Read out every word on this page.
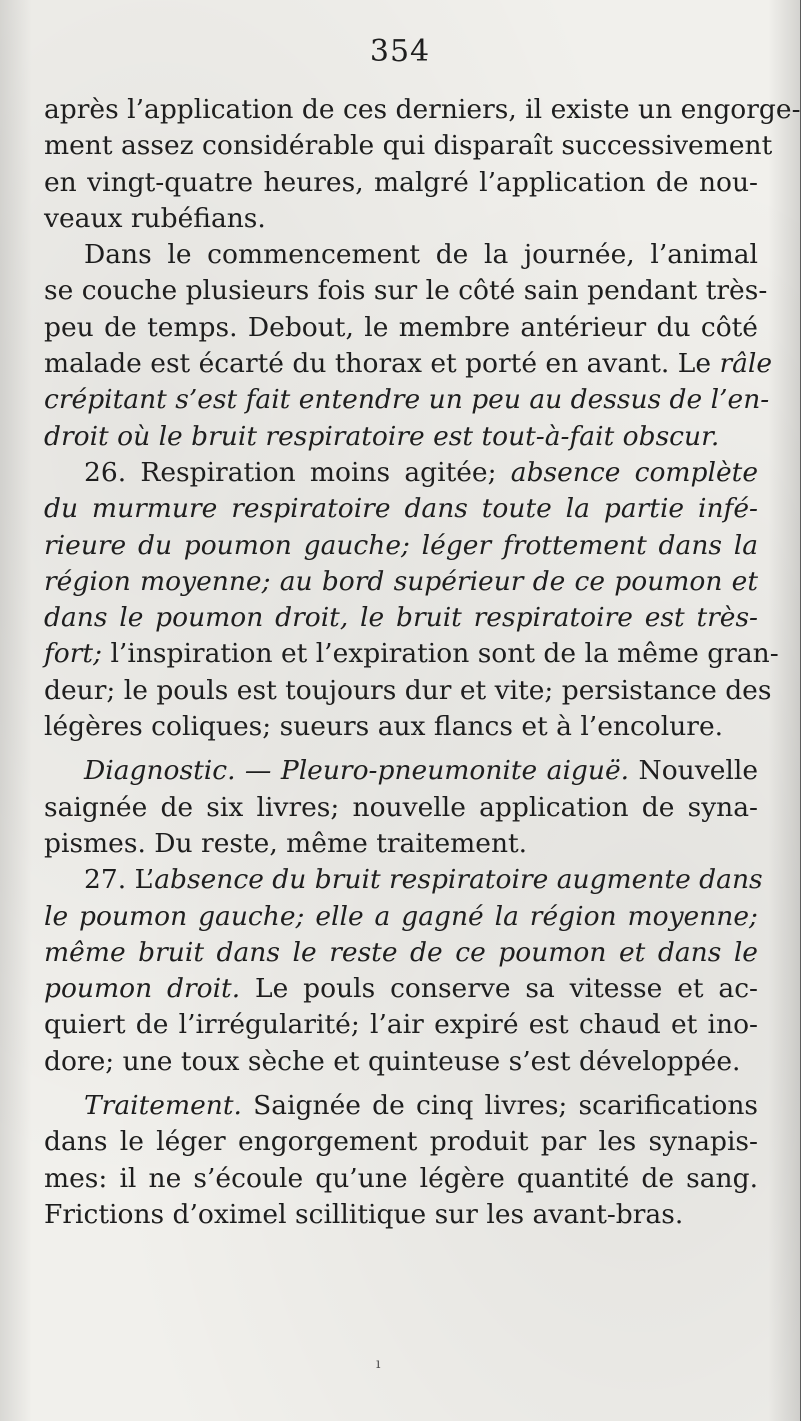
354
après l’application de ces derniers, il existe un engorge-
ment assez considérable qui disparaît successivement
en vingt-quatre heures, malgré l’application de nou-
veaux rubéfians.
Dans le commencement de la journée, l’animal
se couche plusieurs fois sur le côté sain pendant très-
peu de temps. Debout, le membre antérieur du côté
malade est écarté du thorax et porté en avant. Le râle
crépitant s’est fait entendre un peu au dessus de l’en-
droit où le bruit respiratoire est tout-à-fait obscur.
26. Respiration moins agitée; absence complète
du murmure respiratoire dans toute la partie infé-
rieure du poumon gauche; léger frottement dans la
région moyenne; au bord supérieur de ce poumon et
dans le poumon droit, le bruit respiratoire est très-
fort; l’inspiration et l’expiration sont de la même gran-
deur; le pouls est toujours dur et vite; persistance des
légères coliques; sueurs aux flancs et à l’encolure.
Diagnostic. — Pleuro-pneumonite aiguë. Nouvelle
saignée de six livres; nouvelle application de syna-
pismes. Du reste, même traitement.
27. L’absence du bruit respiratoire augmente dans
le poumon gauche; elle a gagné la région moyenne;
même bruit dans le reste de ce poumon et dans le
poumon droit. Le pouls conserve sa vitesse et ac-
quiert de l’irrégularité; l’air expiré est chaud et ino-
dore; une toux sèche et quinteuse s’est développée.
Traitement. Saignée de cinq livres; scarifications
dans le léger engorgement produit par les synapis-
mes: il ne s’écoule qu’une légère quantité de sang.
Frictions d’oximel scillitique sur les avant-bras.
ı
